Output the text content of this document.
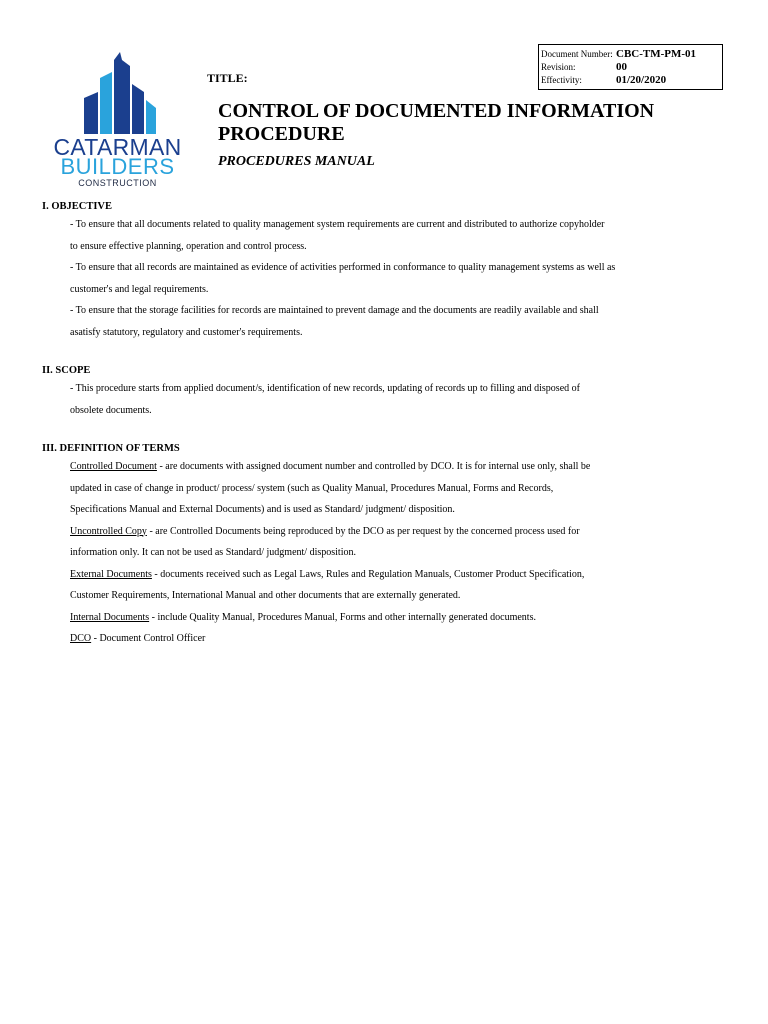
CATARMAN
BUILDERS
CONSTRUCTION
TITLE:
CONTROL OF DOCUMENTED INFORMATION
PROCEDURE
PROCEDURES MANUAL
Document Number: CBC-TM-PM-01
Revision:	00
Effectivity:	01/20/2020
I. OBJECTIVE
- To ensure that all documents related to quality management system requirements are current and distributed to authorize copyholder
to ensure effective planning, operation and control process.
- To ensure that all records are maintained as evidence of activities performed in conformance to quality management systems as well as
customer's and legal requirements.
- To ensure that the storage facilities for records are maintained to prevent damage and the documents are readily available and shall
asatisfy statutory, regulatory and customer's requirements.
II. SCOPE
- This procedure starts from applied document/s, identification of new records, updating of records up to filling and disposed of
obsolete documents.
III. DEFINITION OF TERMS
Controlled Document - are documents with assigned document number and controlled by DCO. It is for internal use only, shall be
updated in case of change in product/ process/ system (such as Quality Manual, Procedures Manual, Forms and Records,
Specifications Manual and External Documents) and is used as Standard/ judgment/ disposition.
Uncontrolled Copy - are Controlled Documents being reproduced by the DCO as per request by the concerned process used for
information only. It can not be used as Standard/ judgment/ disposition.
External Documents - documents received such as Legal Laws, Rules and Regulation Manuals, Customer Product Specification,
Customer Requirements, International Manual and other documents that are externally generated.
Internal Documents - include Quality Manual, Procedures Manual, Forms and other internally generated documents.
DCO - Document Control Officer
